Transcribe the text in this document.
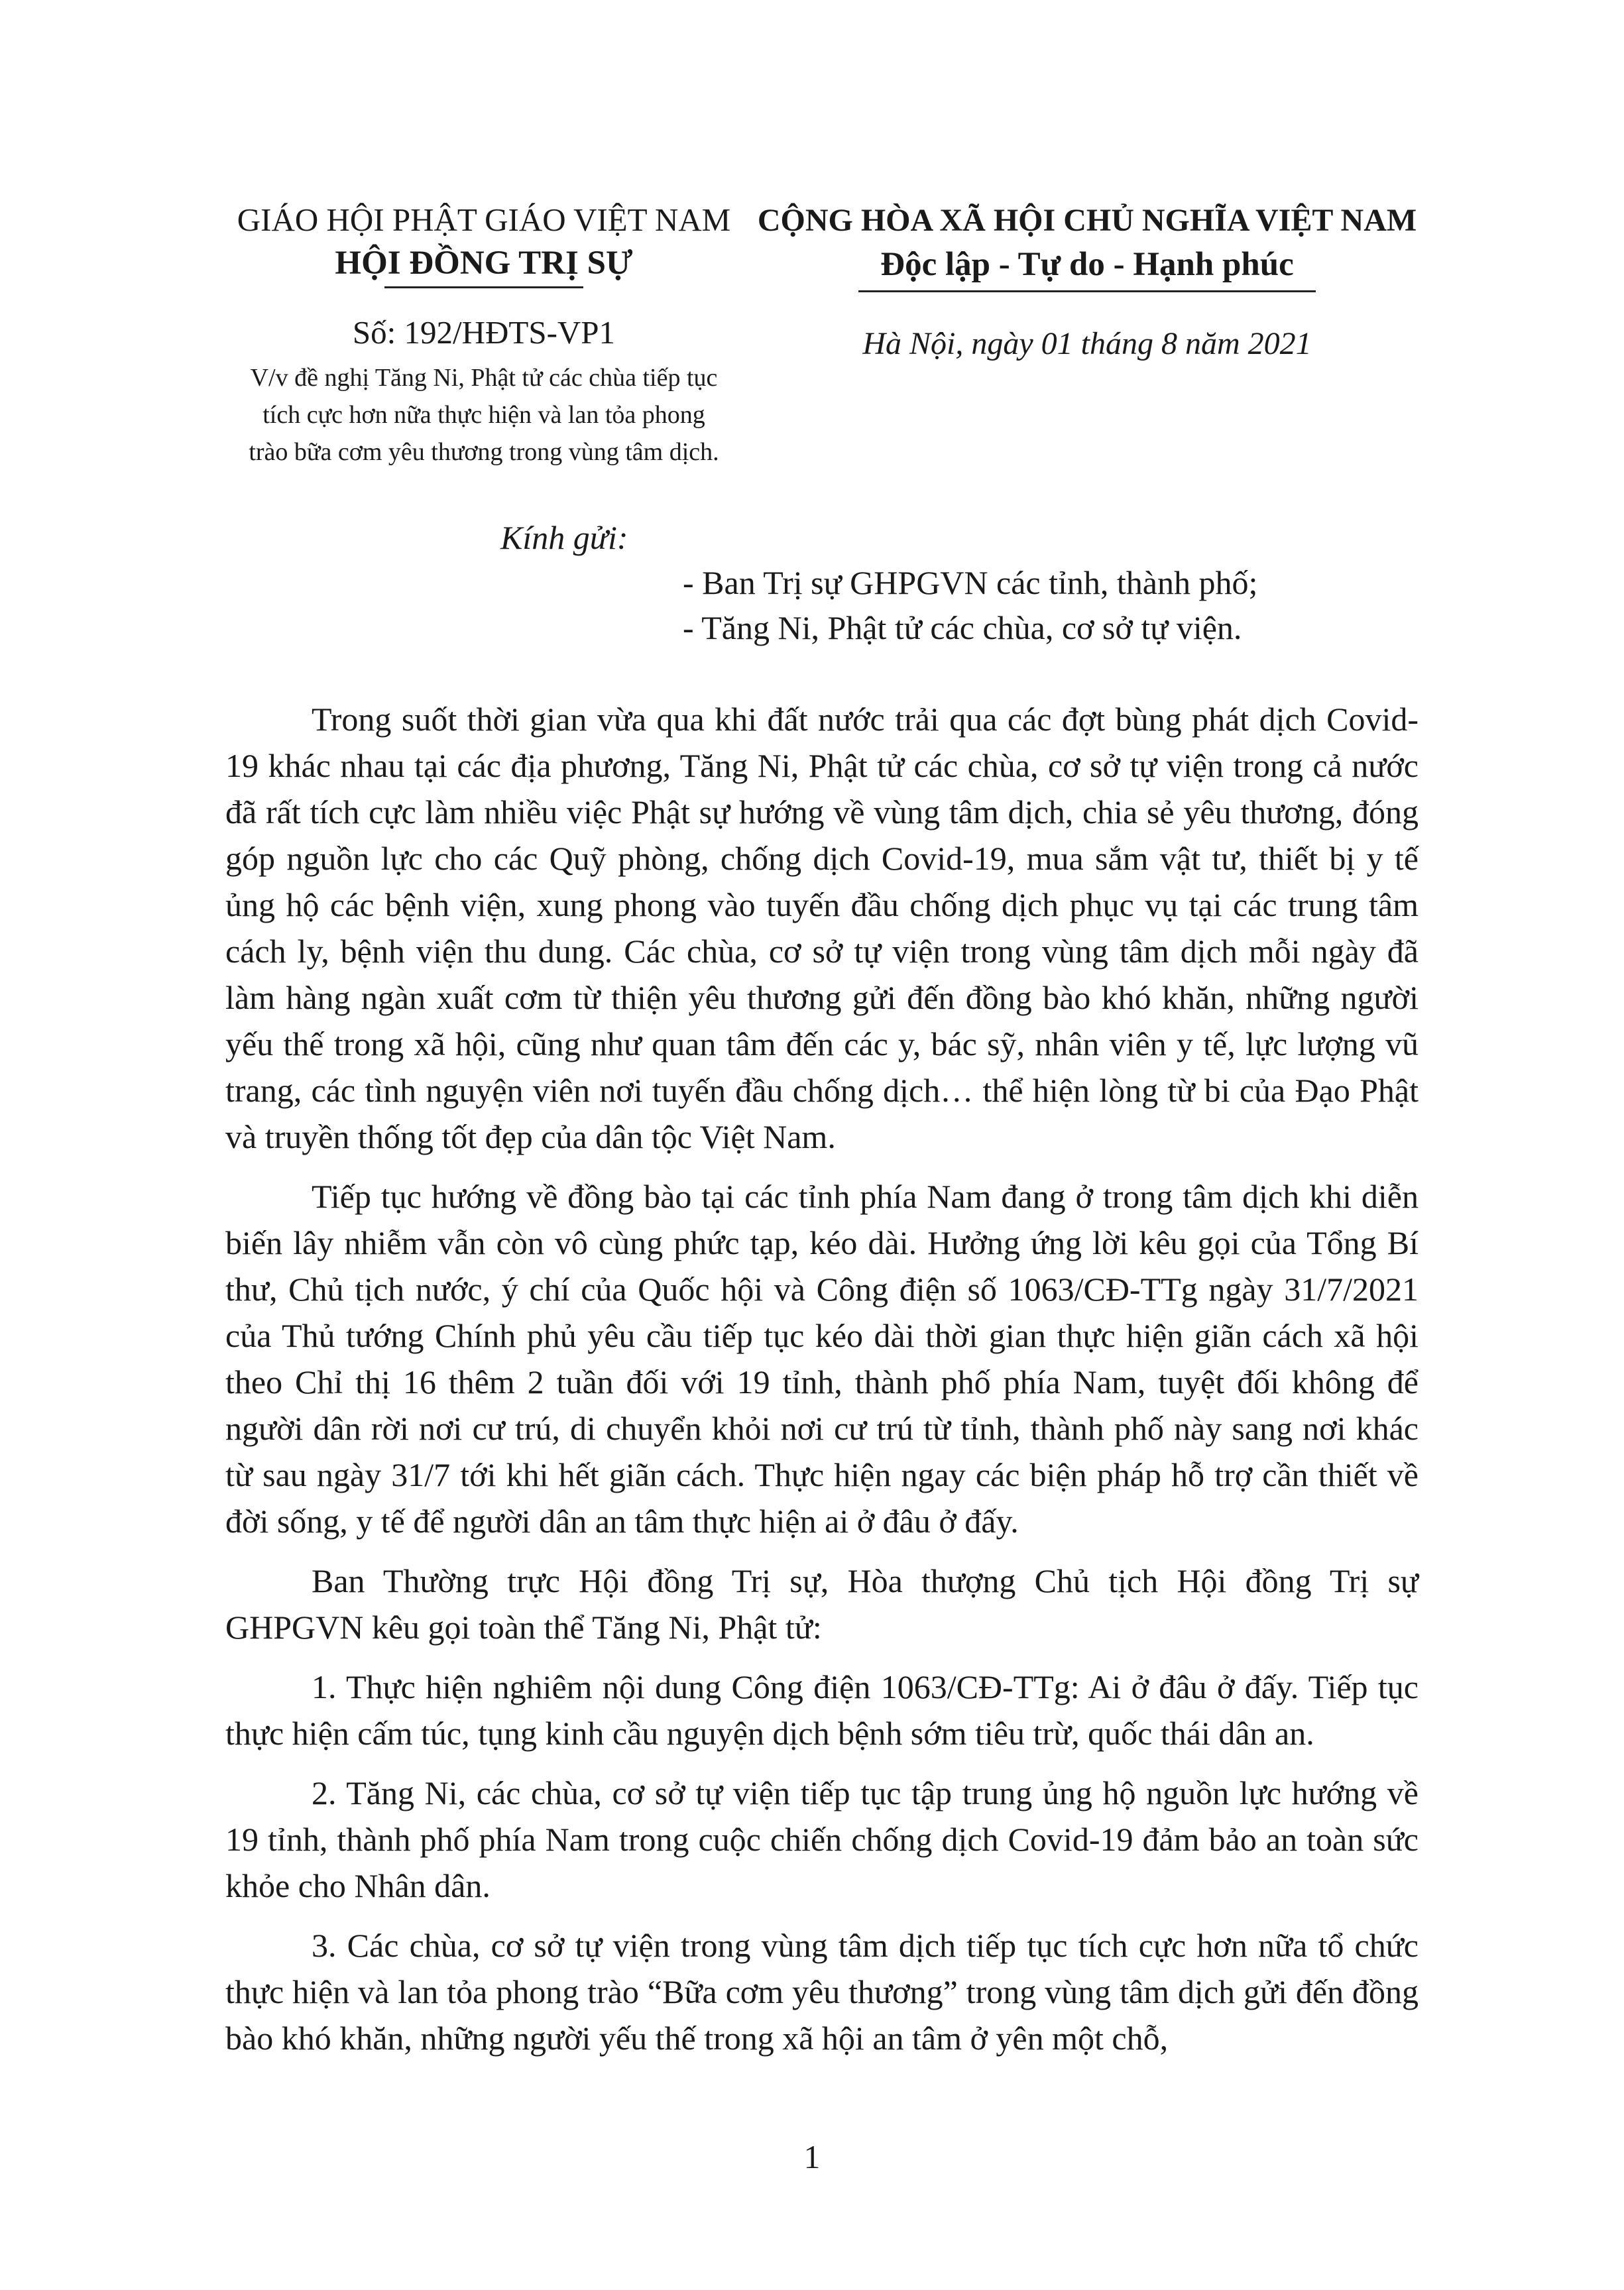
GIÁO HỘI PHẬT GIÁO VIỆT NAM
HỘI ĐỒNG TRỊ SỰ
Số: 192/HĐTS-VP1
V/v đề nghị Tăng Ni, Phật tử các chùa tiếp tục
tích cực hơn nữa thực hiện và lan tỏa phong
trào bữa cơm yêu thương trong vùng tâm dịch.
CỘNG HÒA XÃ HỘI CHỦ NGHĨA VIỆT NAM
Độc lập - Tự do - Hạnh phúc
Hà Nội, ngày 01 tháng 8 năm 2021
Kính gửi:
- Ban Trị sự GHPGVN các tỉnh, thành phố;
- Tăng Ni, Phật tử các chùa, cơ sở tự viện.

Trong suốt thời gian vừa qua khi đất nước trải qua các đợt bùng phát dịch Covid-19 khác nhau tại các địa phương, Tăng Ni, Phật tử các chùa, cơ sở tự viện trong cả nước đã rất tích cực làm nhiều việc Phật sự hướng về vùng tâm dịch, chia sẻ yêu thương, đóng góp nguồn lực cho các Quỹ phòng, chống dịch Covid-19, mua sắm vật tư, thiết bị y tế ủng hộ các bệnh viện, xung phong vào tuyến đầu chống dịch phục vụ tại các trung tâm cách ly, bệnh viện thu dung. Các chùa, cơ sở tự viện trong vùng tâm dịch mỗi ngày đã làm hàng ngàn xuất cơm từ thiện yêu thương gửi đến đồng bào khó khăn, những người yếu thế trong xã hội, cũng như quan tâm đến các y, bác sỹ, nhân viên y tế, lực lượng vũ trang, các tình nguyện viên nơi tuyến đầu chống dịch… thể hiện lòng từ bi của Đạo Phật và truyền thống tốt đẹp của dân tộc Việt Nam.

Tiếp tục hướng về đồng bào tại các tỉnh phía Nam đang ở trong tâm dịch khi diễn biến lây nhiễm vẫn còn vô cùng phức tạp, kéo dài. Hưởng ứng lời kêu gọi của Tổng Bí thư, Chủ tịch nước, ý chí của Quốc hội và Công điện số 1063/CĐ-TTg ngày 31/7/2021 của Thủ tướng Chính phủ yêu cầu tiếp tục kéo dài thời gian thực hiện giãn cách xã hội theo Chỉ thị 16 thêm 2 tuần đối với 19 tỉnh, thành phố phía Nam, tuyệt đối không để người dân rời nơi cư trú, di chuyển khỏi nơi cư trú từ tỉnh, thành phố này sang nơi khác từ sau ngày 31/7 tới khi hết giãn cách. Thực hiện ngay các biện pháp hỗ trợ cần thiết về đời sống, y tế để người dân an tâm thực hiện ai ở đâu ở đấy.

Ban Thường trực Hội đồng Trị sự, Hòa thượng Chủ tịch Hội đồng Trị sự GHPGVN kêu gọi toàn thể Tăng Ni, Phật tử:

1. Thực hiện nghiêm nội dung Công điện 1063/CĐ-TTg: Ai ở đâu ở đấy. Tiếp tục thực hiện cấm túc, tụng kinh cầu nguyện dịch bệnh sớm tiêu trừ, quốc thái dân an.

2. Tăng Ni, các chùa, cơ sở tự viện tiếp tục tập trung ủng hộ nguồn lực hướng về 19 tỉnh, thành phố phía Nam trong cuộc chiến chống dịch Covid-19 đảm bảo an toàn sức khỏe cho Nhân dân.

3. Các chùa, cơ sở tự viện trong vùng tâm dịch tiếp tục tích cực hơn nữa tổ chức thực hiện và lan tỏa phong trào “Bữa cơm yêu thương” trong vùng tâm dịch gửi đến đồng bào khó khăn, những người yếu thế trong xã hội an tâm ở yên một chỗ,

1
